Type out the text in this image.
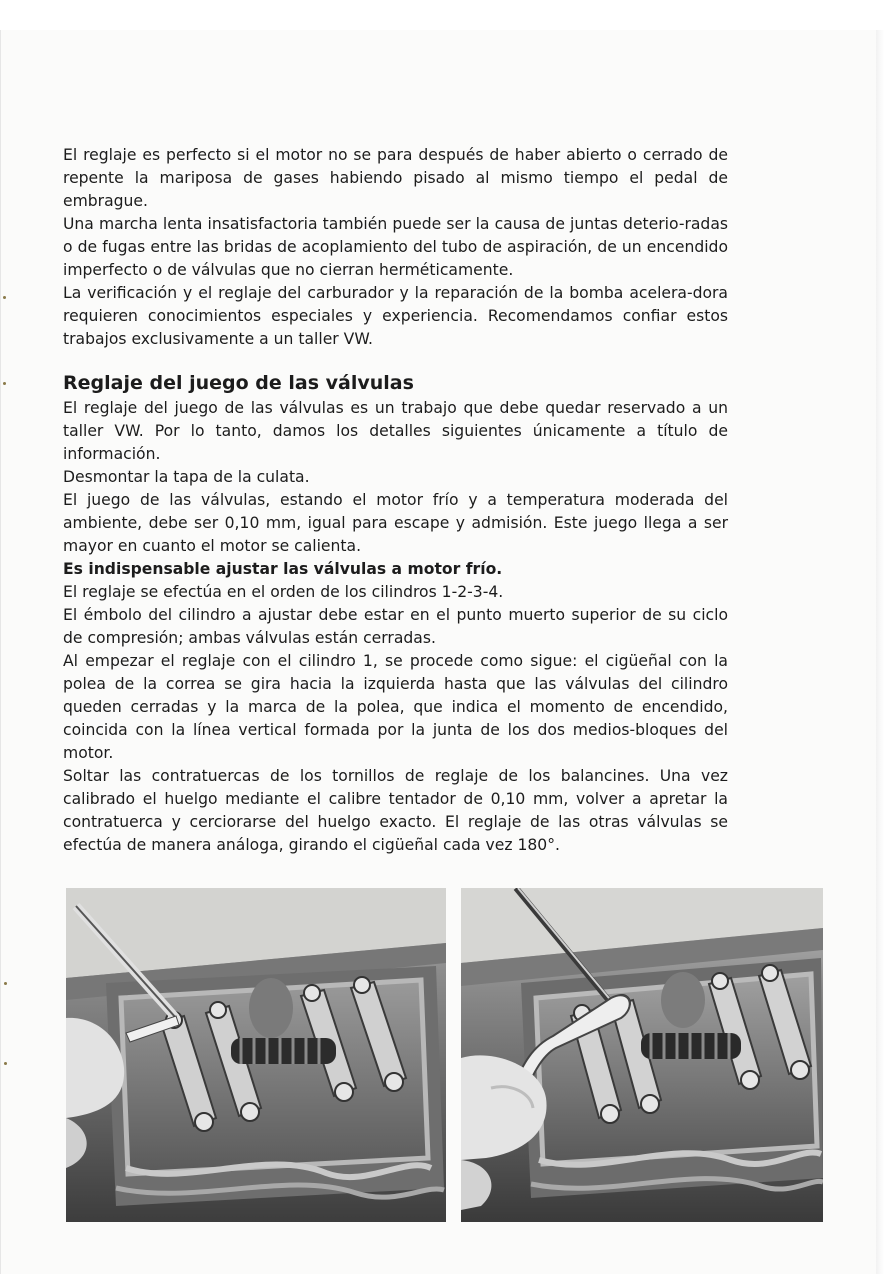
El reglaje es perfecto si el motor no se para después de haber abierto o cerrado de repente la mariposa de gases habiendo pisado al mismo tiempo el pedal de embrague.

Una marcha lenta insatisfactoria también puede ser la causa de juntas deterio-radas o de fugas entre las bridas de acoplamiento del tubo de aspiración, de un encendido imperfecto o de válvulas que no cierran herméticamente.

La verificación y el reglaje del carburador y la reparación de la bomba acelera-dora requieren conocimientos especiales y experiencia. Recomendamos confiar estos trabajos exclusivamente a un taller VW.

Reglaje del juego de las válvulas

El reglaje del juego de las válvulas es un trabajo que debe quedar reservado a un taller VW. Por lo tanto, damos los detalles siguientes únicamente a título de información.

Desmontar la tapa de la culata.

El juego de las válvulas, estando el motor frío y a temperatura moderada del ambiente, debe ser 0,10 mm, igual para escape y admisión. Este juego llega a ser mayor en cuanto el motor se calienta.

Es indispensable ajustar las válvulas a motor frío.

El reglaje se efectúa en el orden de los cilindros 1-2-3-4.

El émbolo del cilindro a ajustar debe estar en el punto muerto superior de su ciclo de compresión; ambas válvulas están cerradas.

Al empezar el reglaje con el cilindro 1, se procede como sigue: el cigüeñal con la polea de la correa se gira hacia la izquierda hasta que las válvulas del cilindro queden cerradas y la marca de la polea, que indica el momento de encendido, coincida con la línea vertical formada por la junta de los dos medios-bloques del motor.

Soltar las contratuercas de los tornillos de reglaje de los balancines. Una vez calibrado el huelgo mediante el calibre tentador de 0,10 mm, volver a apretar la contratuerca y cerciorarse del huelgo exacto. El reglaje de las otras válvulas se efectúa de manera análoga, girando el cigüeñal cada vez 180°.
